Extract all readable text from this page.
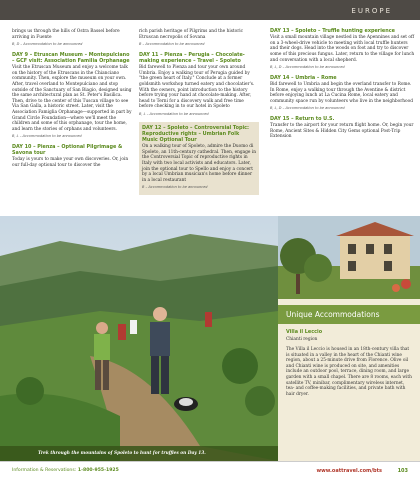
EUROPE
brings us through the hills of Ostra Bassel before arriving in Fuente
B, D – Accommodation to be announced
DAY 9 – Etruscan Museum – Montepulciano – GCF visit: Association Familia Orphanage
Visit the Etruscan Museum and enjoy a welcome talk on the history of the Etruscans in the Chianciano community. Then, explore the museum on your own. After, travel overland to Montepulciano and stop outside of the Sanctuary of San Biagio, designed using the same architectural plan as St. Peter's Basilica. Then, drive to the center of this Tuscan village to see Via San Galla, a historic street. Later, visit the Association Famiglia Orphanage—supported in part by Grand Circle Foundation—where we'll meet the children and some of this orphanage, tour the home, and learn the stories of orphans and volunteers.
B, L – Accommodation to be announced
DAY 10 – Pienza – Optional Pilgrimage & Savona tour
Today is yours to make your own discoveries. Or, join our full-day optional tour to discover the
rich parish heritage of Pilgrims and the historic Etruscan necropolis of Sovana
B – Accommodation to be announced
DAY 11 – Pienza – Perugia – Chocolate-making experience – Travel – Spoleto
Bid farewell to Pienza and tour your own around Umbria. Enjoy a walking tour of Perugia guided by "the green heart of Italy." Conclude at a former goldsmith workshop turned eatery and chocolatier's. With the owners, point introduction to the history before trying your hand at chocolate-making. After, head to Terni for a discovery walk and free time before checking in to our hotel in Spoleto
B, L – Accommodation to be announced
DAY 12 – Spoleto – Controversial Topic: Reproductive rights – Umbrian Folk Music Optional Tour
On a walking tour of Spoleto, admire the Duomo di Spoleto, an 11th-century cathedral. Then, engage in the Controversial Topic of reproductive rights in Italy with two local activists and educators. Later, join the optional tour to Spello and enjoy a concert by a local Umbrian musician's home before dinner in a local restaurant
B – Accommodation to be announced
DAY 13 – Spoleto – Truffle hunting experience
Visit a small mountain village nestled in the Apennines and set off on a 3-wheel-drive vehicle to meeting with local truffle hunters and their dogs. Head into the woods on foot and try to discover some of this precious fungus. Later, return to the village for lunch and conversation with a local shepherd.
B, L, D – Accommodation to be announced
DAY 14 – Umbria – Rome
Bid farewell to Umbria and begin the overland transfer to Rome. In Rome, enjoy a walking tour through the Aventine & district before enjoying lunch at La Cucina Rome, local eatery and community space run by volunteers who live in the neighborhood
B, L, D – Accommodation to be announced
DAY 15 – Return to U.S.
Transfer to the airport for your return flight home. Or, begin your Rome, Ancient Sites & Hidden City Gems optional Post-Trip Extension
Trek through the mountains of Spoleto to hunt for truffles on Day 13.
Unique Accommodations
Villa il Leccio
Chianti region
The Villa il Leccio is housed in an 18th-century villa that is situated in a valley in the heart of the Chianti wine region, about a 25-minute drive from Florence. Olive oil and Chianti wine is produced on site, and amenities include an outdoor pool, terrace, dining room, and large garden with a small chapel. There are 8 rooms, each with satellite TV, minibar, complimentary wireless internet, tea- and coffee-making facilities, and private bath with hair dryer.
Information & Reservations: 1-800-955-1925	www.oattravel.com/bts	103
